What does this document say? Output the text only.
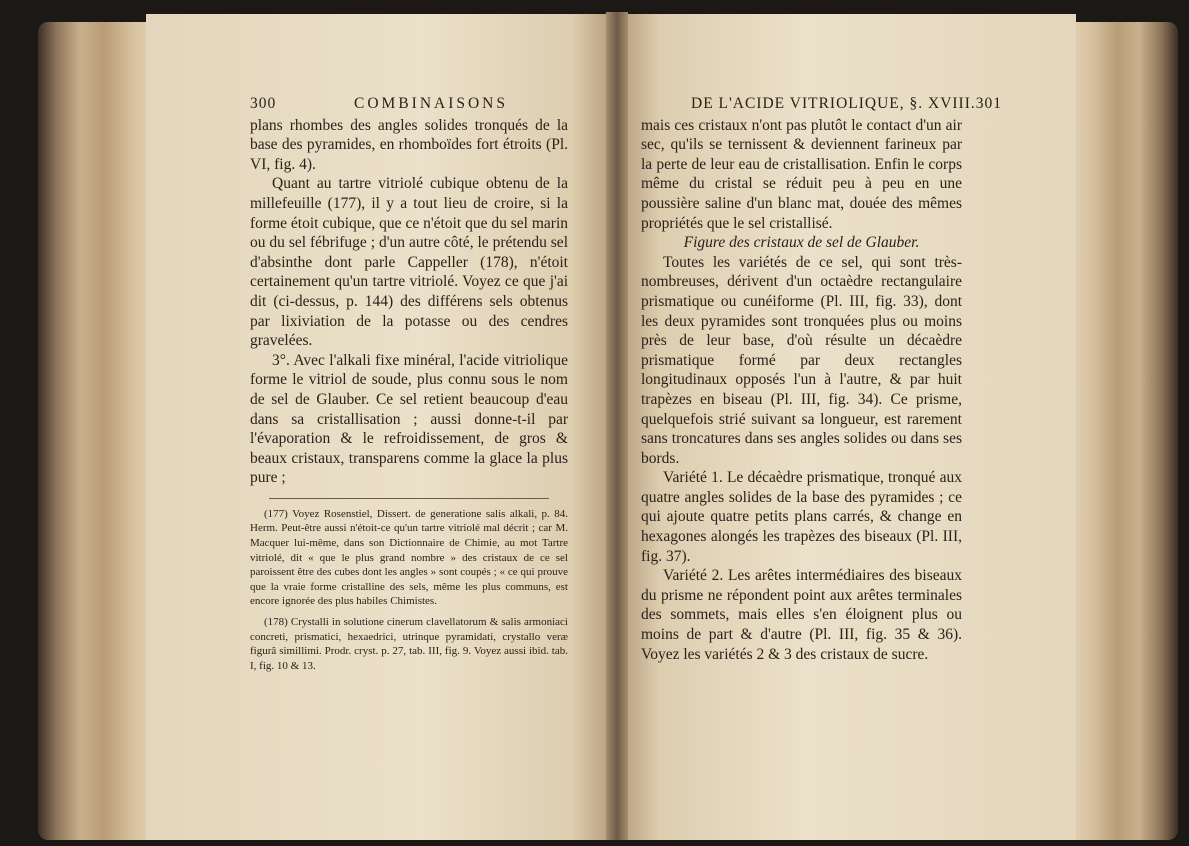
300	COMBINAISONS

plans rhombes des angles solides tronqués de la base des pyramides, en rhomboïdes fort étroits (Pl. VI, fig. 4).

Quant au tartre vitriolé cubique obtenu de la millefeuille (177), il y a tout lieu de croire, si la forme étoit cubique, que ce n'étoit que du sel marin ou du sel fébrifuge ; d'un autre côté, le prétendu sel d'absinthe dont parle Cappeller (178), n'étoit certainement qu'un tartre vitriolé. Voyez ce que j'ai dit (ci-dessus, p. 144) des différens sels obtenus par lixiviation de la potasse ou des cendres gravelées.

3°. Avec l'alkali fixe minéral, l'acide vitriolique forme le vitriol de soude, plus connu sous le nom de sel de Glauber. Ce sel retient beaucoup d'eau dans sa cristallisation ; aussi donne-t-il par l'évaporation & le refroidissement, de gros & beaux cristaux, transparens comme la glace la plus pure ;

(177) Voyez Rosenstiel, Dissert. de generatione salis alkali, p. 84. Herm. Peut-être aussi n'étoit-ce qu'un tartre vitriolé mal décrit ; car M. Macquer lui-même, dans son Dictionnaire de Chimie, au mot Tartre vitriolé, dit « que le plus grand nombre » des cristaux de ce sel paroissent être des cubes dont les angles » sont coupés ; « ce qui prouve que la vraie forme cristalline des sels, même les plus communs, est encore ignorée des plus habiles Chimistes.

(178) Crystalli in solutione cinerum clavellatorum & salis armoniaci concreti, prismatici, hexaedrici, utrinque pyramidati, crystallo veræ figurâ simillimi. Prodr. cryst. p. 27, tab. III, fig. 9. Voyez aussi ibid. tab. I, fig. 10 & 13.

DE L'ACIDE VITRIOLIQUE, §. XVIII. 301

mais ces cristaux n'ont pas plutôt le contact d'un air sec, qu'ils se ternissent & deviennent farineux par la perte de leur eau de cristallisation. Enfin le corps même du cristal se réduit peu à peu en une poussière saline d'un blanc mat, douée des mêmes propriétés que le sel cristallisé.

Figure des cristaux de sel de Glauber.

Toutes les variétés de ce sel, qui sont très-nombreuses, dérivent d'un octaèdre rectangulaire prismatique ou cunéiforme (Pl. III, fig. 33), dont les deux pyramides sont tronquées plus ou moins près de leur base, d'où résulte un décaèdre prismatique formé par deux rectangles longitudinaux opposés l'un à l'autre, & par huit trapèzes en biseau (Pl. III, fig. 34). Ce prisme, quelquefois strié suivant sa longueur, est rarement sans troncatures dans ses angles solides ou dans ses bords.

Variété 1. Le décaèdre prismatique, tronqué aux quatre angles solides de la base des pyramides ; ce qui ajoute quatre petits plans carrés, & change en hexagones alongés les trapèzes des biseaux (Pl. III, fig. 37).

Variété 2. Les arêtes intermédiaires des biseaux du prisme ne répondent point aux arêtes terminales des sommets, mais elles s'en éloignent plus ou moins de part & d'autre (Pl. III, fig. 35 & 36). Voyez les variétés 2 & 3 des cristaux de sucre.
